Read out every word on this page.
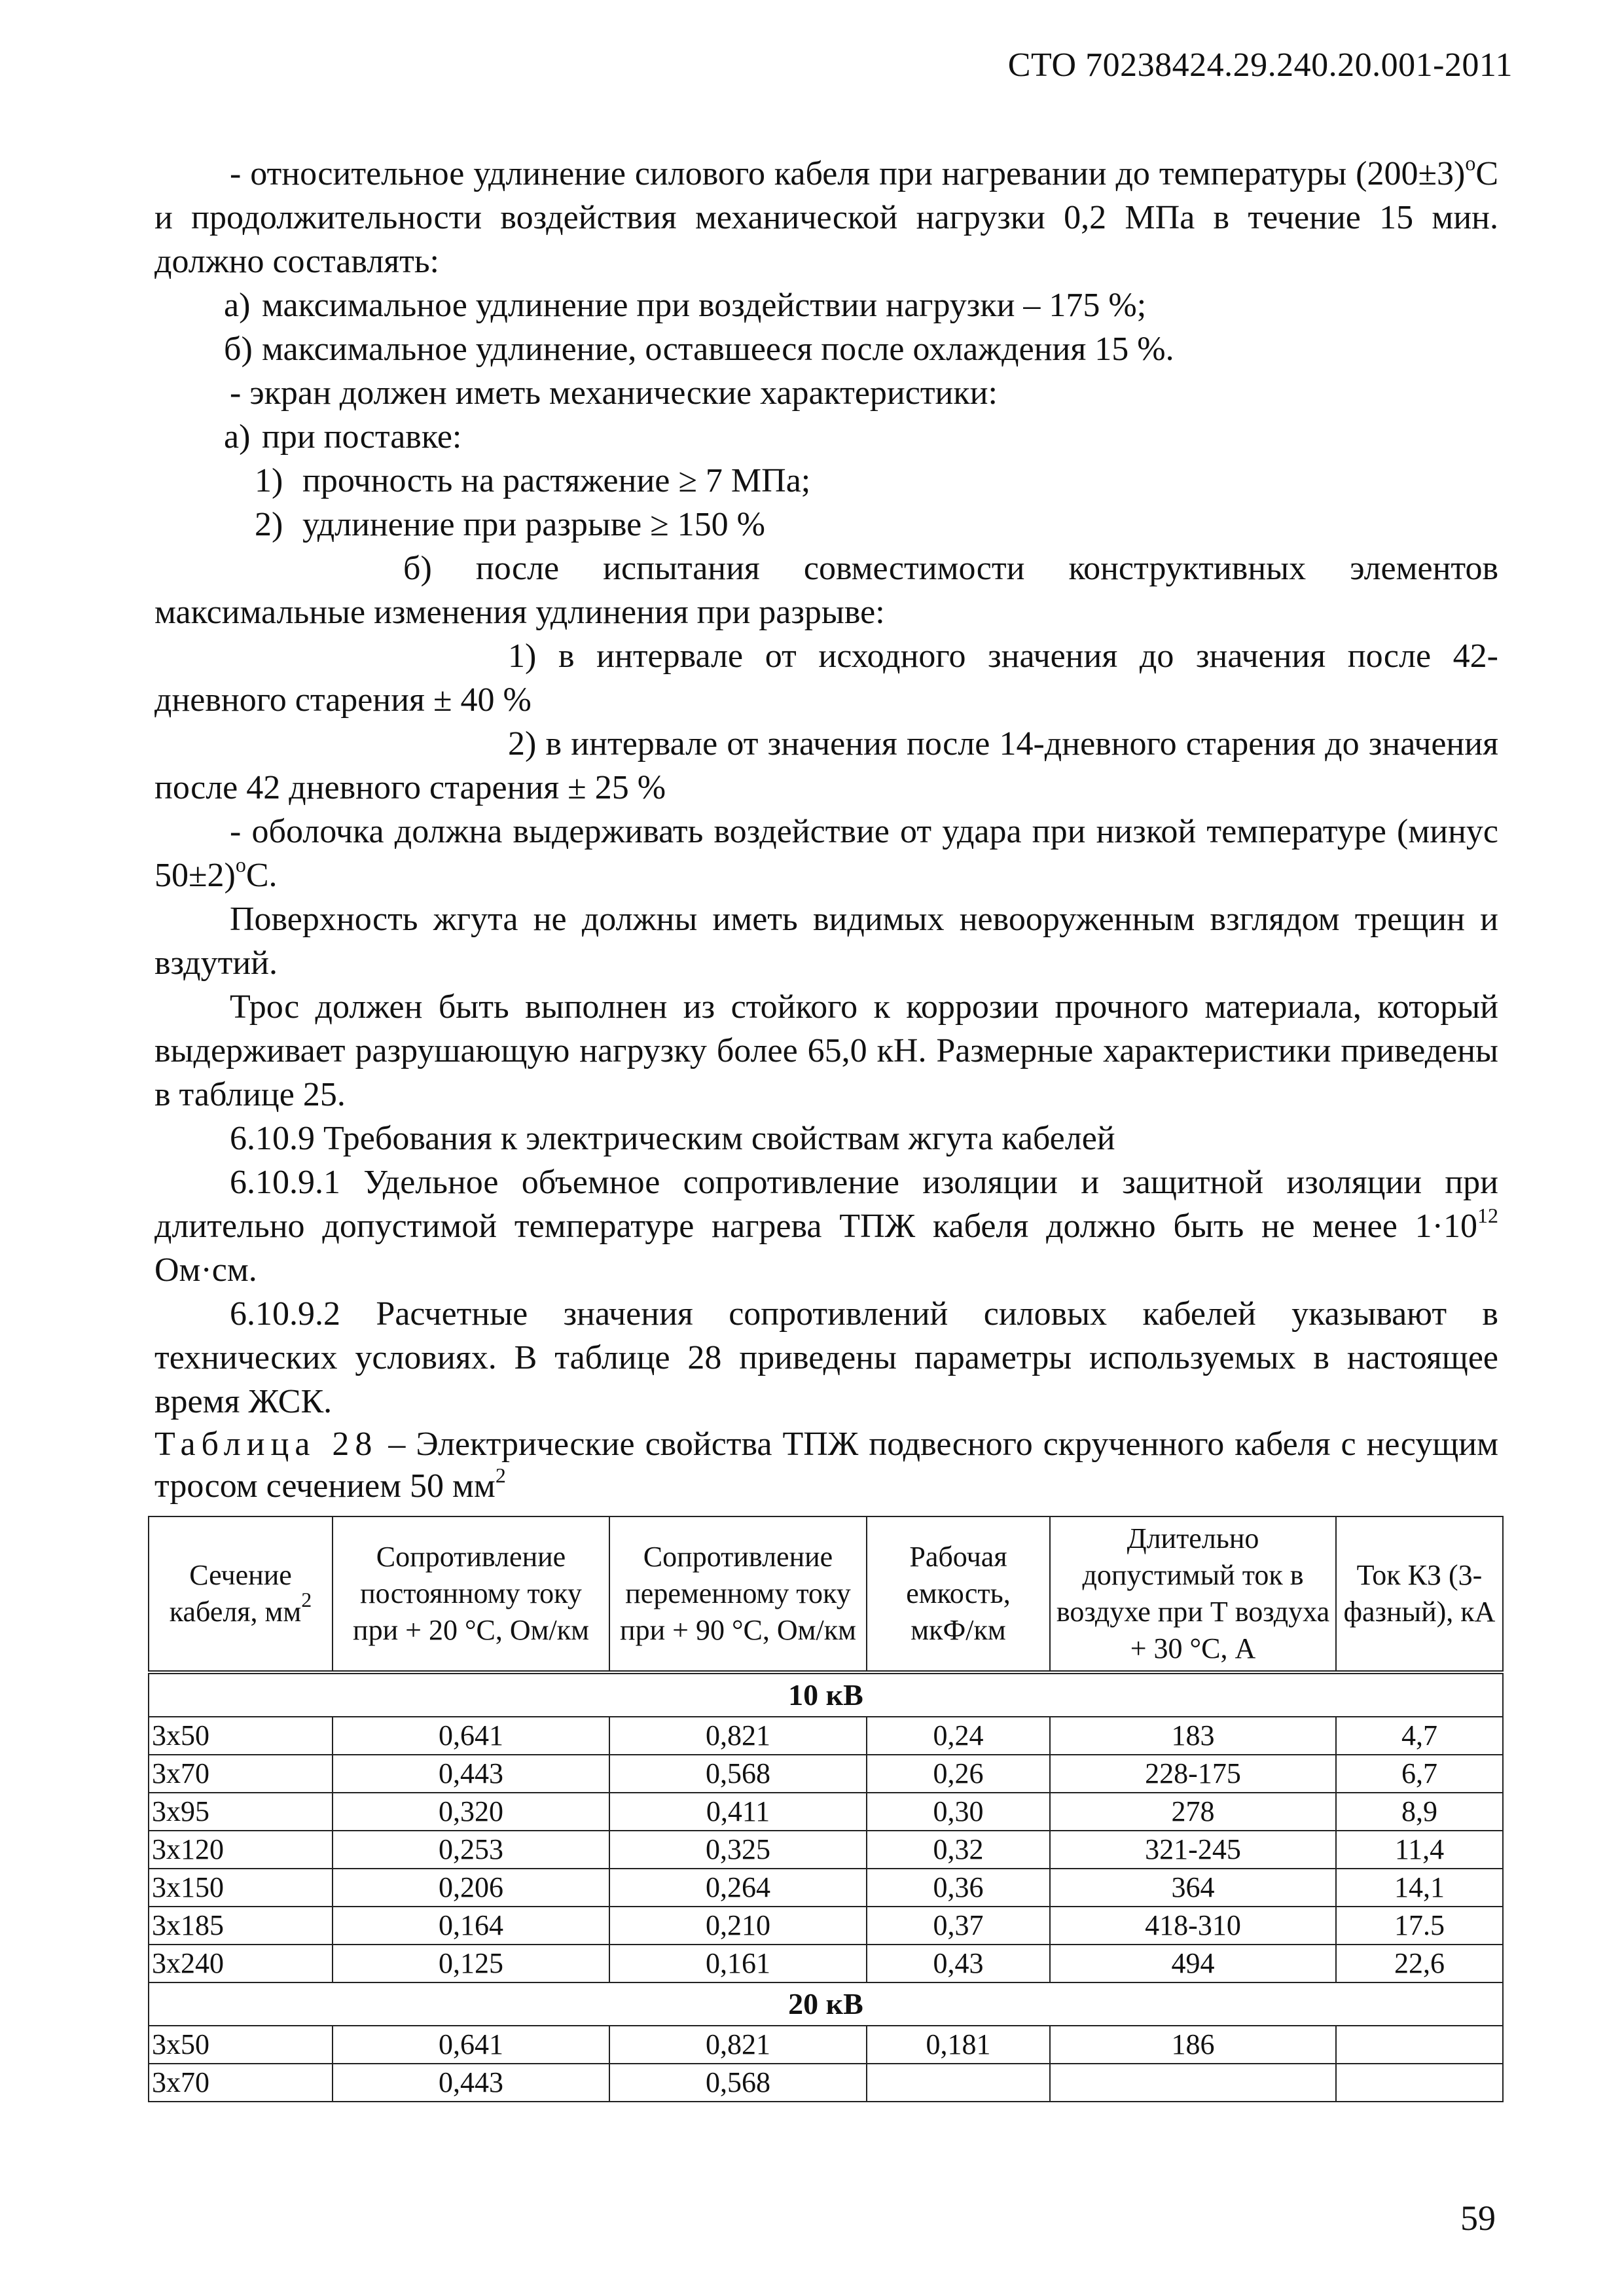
СТО 70238424.29.240.20.001-2011

- относительное удлинение силового кабеля при нагревании до температуры $(200\pm 3)^оС$ и продолжительности воздействия механической нагрузки 0,2 МПа в течение 15 мин. должно составлять:

а) максимальное удлинение при воздействии нагрузки – 175 %;

б) максимальное удлинение, оставшееся после охлаждения 15 %.

- экран должен иметь механические характеристики:

а) при поставке:

1) прочность на растяжение ≥ 7 МПа;

2) удлинение при разрыве ≥ 150 %

б) после испытания совместимости конструктивных элементов максимальные изменения удлинения при разрыве:

1) в интервале от исходного значения до значения после 42-дневного старения ± 40 %

2) в интервале от значения после 14-дневного старения до значения после 42 дневного старения ± 25 %

- оболочка должна выдерживать воздействие от удара при низкой температуре (минус 50±2)$^о$С.

Поверхность жгута не должны иметь видимых невооруженным взглядом трещин и вздутий.

Трос должен быть выполнен из стойкого к коррозии прочного материала, который выдерживает разрушающую нагрузку более 65,0 кН. Размерные характеристики приведены в таблице 25.

6.10.9 Требования к электрическим свойствам жгута кабелей

6.10.9.1 Удельное объемное сопротивление изоляции и защитной изоляции при длительно допустимой температуре нагрева ТПЖ кабеля должно быть не менее $1\cdot 10^{12}$ Ом·см.

6.10.9.2 Расчетные значения сопротивлений силовых кабелей указывают в технических условиях. В таблице 28 приведены параметры используемых в настоящее время ЖСК.

Таблица 28 – Электрические свойства ТПЖ подвесного скрученного кабеля с несущим тросом сечением 50 $мм^2$

Сечение кабеля, $мм^2$	Сопротивление постоянному току при + 20 °С, Ом/км	Сопротивление переменному току при + 90 °С, Ом/км	Рабочая емкость, мкФ/км	Длительно допустимый ток в воздухе при Т воздуха + 30 °С, А	Ток КЗ (3-фазный), кА
10 кВ					
3х50	0,641	0,821	0,24	183	4,7
3х70	0,443	0,568	0,26	228-175	6,7
3х95	0,320	0,411	0,30	278	8,9
3х120	0,253	0,325	0,32	321-245	11,4
3х150	0,206	0,264	0,36	364	14,1
3х185	0,164	0,210	0,37	418-310	17.5
3х240	0,125	0,161	0,43	494	22,6
20 кВ					
3х50	0,641	0,821	0,181	186	
3х70	0,443	0,568			
59
